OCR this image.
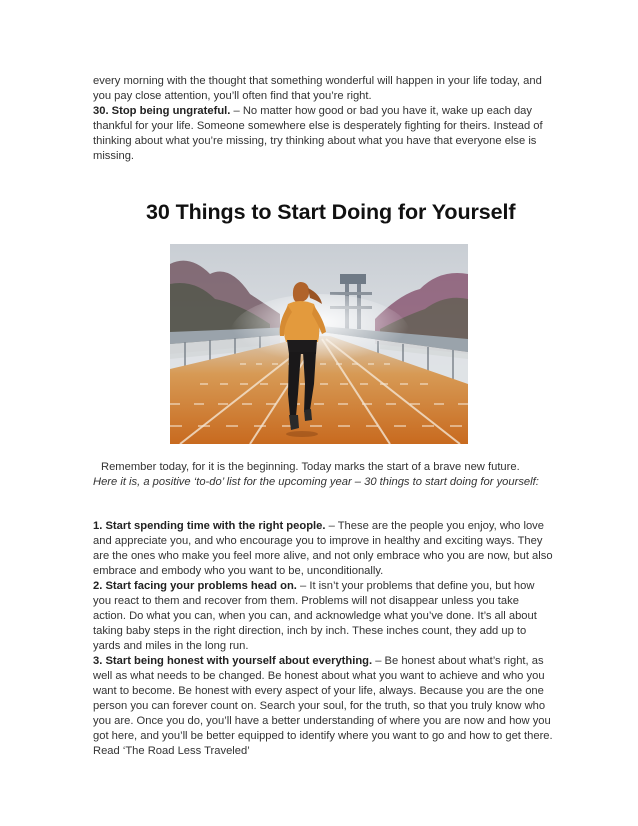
every morning with the thought that something wonderful will happen in your life today, and you pay close attention, you’ll often find that you’re right.
30. Stop being ungrateful. – No matter how good or bad you have it, wake up each day thankful for your life. Someone somewhere else is desperately fighting for theirs. Instead of thinking about what you’re missing, try thinking about what you have that everyone else is missing.

30 Things to Start Doing for Yourself

Remember today, for it is the beginning. Today marks the start of a brave new future.
Here it is, a positive ‘to-do’ list for the upcoming year – 30 things to start doing for yourself:

1. Start spending time with the right people. – These are the people you enjoy, who love and appreciate you, and who encourage you to improve in healthy and exciting ways. They are the ones who make you feel more alive, and not only embrace who you are now, but also embrace and embody who you want to be, unconditionally.
2. Start facing your problems head on. – It isn’t your problems that define you, but how you react to them and recover from them. Problems will not disappear unless you take action. Do what you can, when you can, and acknowledge what you’ve done. It’s all about taking baby steps in the right direction, inch by inch. These inches count, they add up to yards and miles in the long run.
3. Start being honest with yourself about everything. – Be honest about what’s right, as well as what needs to be changed. Be honest about what you want to achieve and who you want to become. Be honest with every aspect of your life, always. Because you are the one person you can forever count on. Search your soul, for the truth, so that you truly know who you are. Once you do, you’ll have a better understanding of where you are now and how you got here, and you’ll be better equipped to identify where you want to go and how to get there. Read ‘The Road Less Traveled’
